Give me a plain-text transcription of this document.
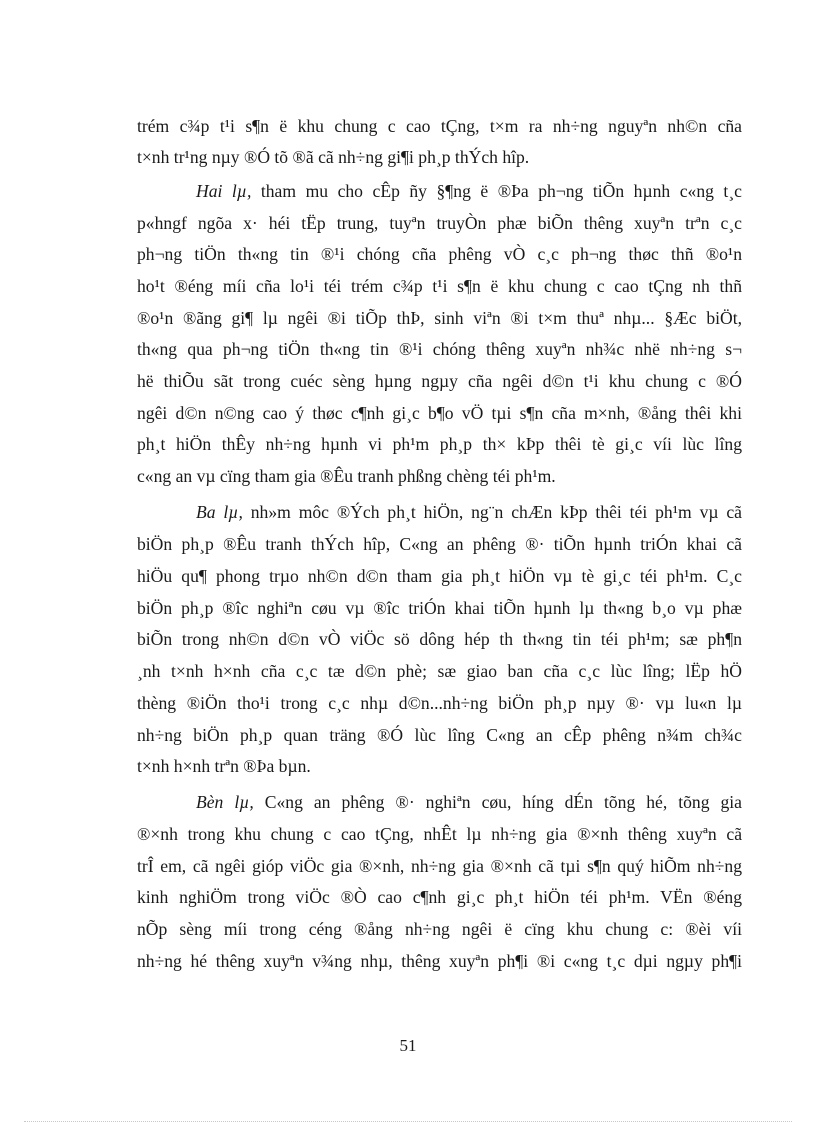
trém c¾p t¹i s¶n ë khu chung c cao tÇng, t×m ra nh÷ng nguyªn nh©n cña
t×nh tr¹ng nµy ®Ó tõ ®ã cã nh÷ng gi¶i ph¸p thÝch hîp.
Hai lµ, tham mu cho cÊp ñy §¶ng ë ®Þa ph¬ng tiÕn hµnh c«ng t¸c
p«hngf ngõa x· héi tËp trung, tuyªn truyÒn phæ biÕn thêng xuyªn trªn c¸c
ph¬ng tiÖn th«ng tin ®¹i chóng cña phêng vÒ c¸c ph¬ng thøc thñ ®o¹n
ho¹t ®éng míi cña lo¹i téi trém c¾p t¹i s¶n ë khu chung c cao tÇng nh thñ
®o¹n ®ãng gi¶ lµ ngêi ®i tiÕp thÞ, sinh viªn ®i t×m thuª nhµ... §Æc biÖt,
th«ng qua ph¬ng tiÖn th«ng tin ®¹i chóng thêng xuyªn nh¾c nhë nh÷ng s¬
hë thiÕu sãt trong cuéc sèng hµng ngµy cña ngêi d©n t¹i khu chung c ®Ó
ngêi d©n n©ng cao ý thøc c¶nh gi¸c b¶o vÖ tµi s¶n cña m×nh, ®ång thêi khi
ph¸t hiÖn thÊy nh÷ng hµnh vi ph¹m ph¸p th× kÞp thêi tè gi¸c víi lùc lîng
c«ng an vµ cïng tham gia ®Êu tranh phßng chèng téi ph¹m.
Ba lµ, nh»m môc ®Ých ph¸t hiÖn, ng¨n chÆn kÞp thêi téi ph¹m vµ cã
biÖn ph¸p ®Êu tranh thÝch hîp, C«ng an phêng ®· tiÕn hµnh triÓn khai cã
hiÖu qu¶ phong trµo nh©n d©n tham gia ph¸t hiÖn vµ tè gi¸c téi ph¹m. C¸c
biÖn ph¸p ®îc nghiªn cøu vµ ®îc triÓn khai tiÕn hµnh lµ th«ng b¸o vµ phæ
biÕn trong nh©n d©n vÒ viÖc sö dông hép th th«ng tin téi ph¹m; sæ ph¶n
¸nh t×nh h×nh cña c¸c tæ d©n phè; sæ giao ban cña c¸c lùc lîng; lËp hÖ
thèng ®iÖn tho¹i trong c¸c nhµ d©n...nh÷ng biÖn ph¸p nµy ®· vµ lu«n lµ
nh÷ng biÖn ph¸p quan träng ®Ó lùc lîng C«ng an cÊp phêng n¾m ch¾c
t×nh h×nh trªn ®Þa bµn.
Bèn lµ, C«ng an phêng ®· nghiªn cøu, híng dÉn tõng hé, tõng gia
®×nh trong khu chung c cao tÇng, nhÊt lµ nh÷ng gia ®×nh thêng xuyªn cã
trÎ em, cã ngêi gióp viÖc gia ®×nh, nh÷ng gia ®×nh cã tµi s¶n quý hiÕm nh÷ng
kinh nghiÖm trong viÖc ®Ò cao c¶nh gi¸c ph¸t hiÖn téi ph¹m. VËn ®éng
nÕp sèng míi trong céng ®ång nh÷ng ngêi ë cïng khu chung c: ®èi víi
nh÷ng hé thêng xuyªn v¾ng nhµ, thêng xuyªn ph¶i ®i c«ng t¸c dµi ngµy ph¶i
51
